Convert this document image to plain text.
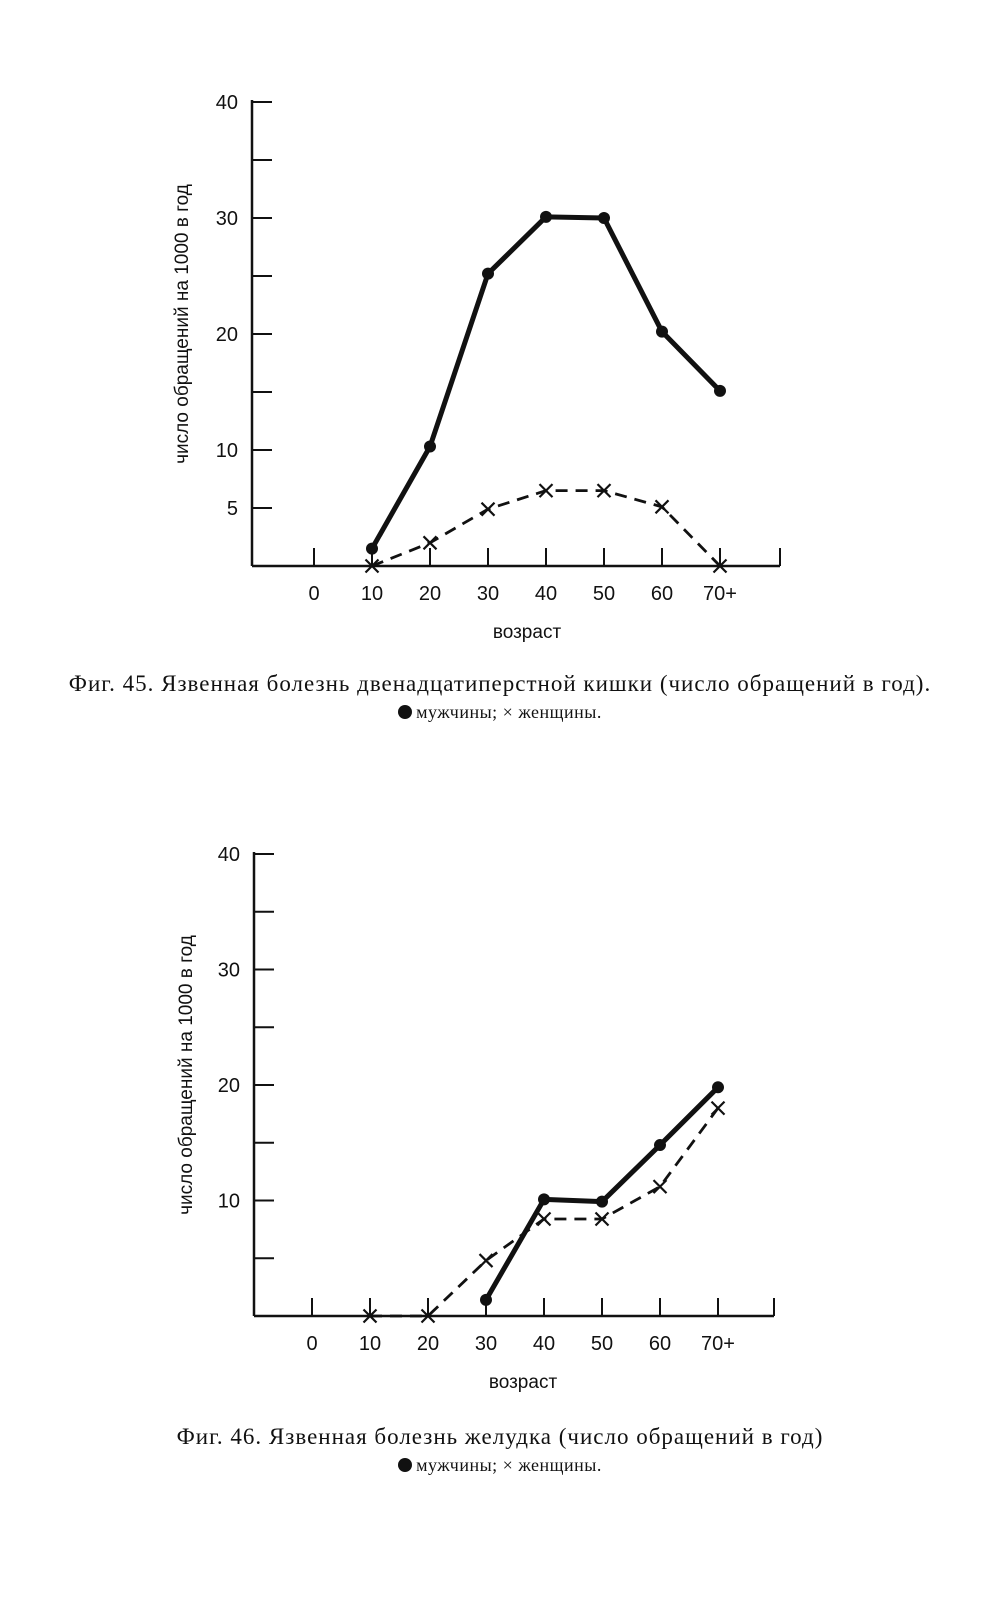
10
20
30
40
5
0 10 20 30 40 50 60 70+
возраст
число обращений на 1000 в год
Фиг. 45. Язвенная болезнь двенадцатиперстной кишки (число обращений в год).
мужчины; × женщины.
10
20
30
40
0 10 20 30 40 50 60 70+
возраст
число обращений на 1000 в год
Фиг. 46. Язвенная болезнь желудка (число обращений в год)
мужчины; × женщины.
